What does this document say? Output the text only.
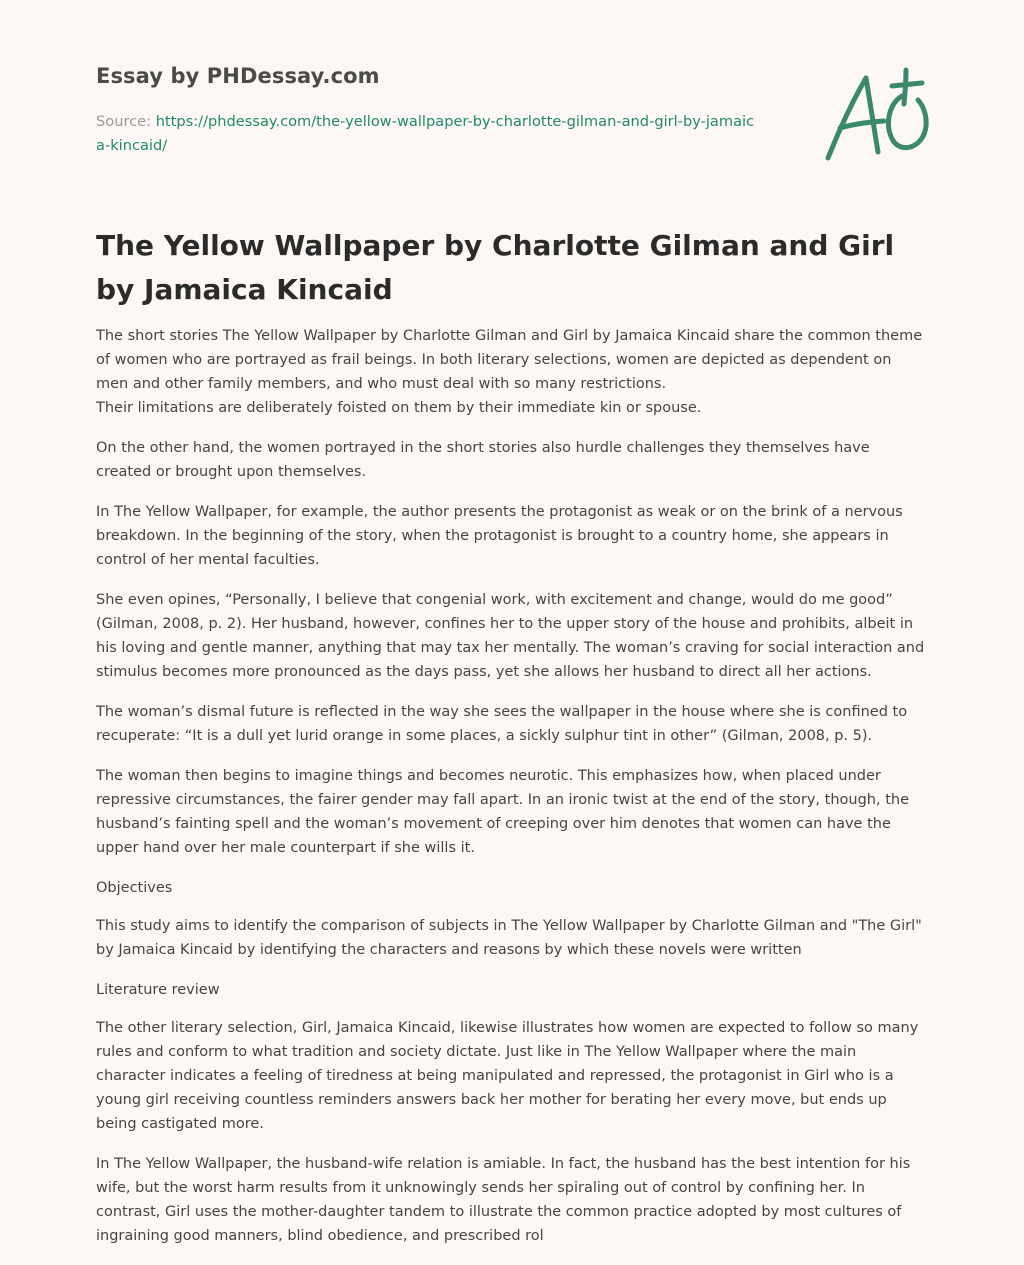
Essay by PHDessay.com
Source: https://phdessay.com/the-yellow-wallpaper-by-charlotte-gilman-and-girl-by-jamaica-kincaid/
The Yellow Wallpaper by Charlotte Gilman and Girl by Jamaica Kincaid

The short stories The Yellow Wallpaper by Charlotte Gilman and Girl by Jamaica Kincaid share the common theme of women who are portrayed as frail beings. In both literary selections, women are depicted as dependent on men and other family members, and who must deal with so many restrictions.
Their limitations are deliberately foisted on them by their immediate kin or spouse.

On the other hand, the women portrayed in the short stories also hurdle challenges they themselves have created or brought upon themselves.

In The Yellow Wallpaper, for example, the author presents the protagonist as weak or on the brink of a nervous breakdown. In the beginning of the story, when the protagonist is brought to a country home, she appears in control of her mental faculties.

She even opines, “Personally, I believe that congenial work, with excitement and change, would do me good” (Gilman, 2008, p. 2). Her husband, however, confines her to the upper story of the house and prohibits, albeit in his loving and gentle manner, anything that may tax her mentally. The woman’s craving for social interaction and stimulus becomes more pronounced as the days pass, yet she allows her husband to direct all her actions.

The woman’s dismal future is reflected in the way she sees the wallpaper in the house where she is confined to recuperate: “It is a dull yet lurid orange in some places, a sickly sulphur tint in other” (Gilman, 2008, p. 5).

The woman then begins to imagine things and becomes neurotic. This emphasizes how, when placed under repressive circumstances, the fairer gender may fall apart. In an ironic twist at the end of the story, though, the husband’s fainting spell and the woman’s movement of creeping over him denotes that women can have the upper hand over her male counterpart if she wills it.

Objectives

This study aims to identify the comparison of subjects in The Yellow Wallpaper by Charlotte Gilman and "The Girl" by Jamaica Kincaid by identifying the characters and reasons by which these novels were written

Literature review

The other literary selection, Girl, Jamaica Kincaid, likewise illustrates how women are expected to follow so many rules and conform to what tradition and society dictate. Just like in The Yellow Wallpaper where the main character indicates a feeling of tiredness at being manipulated and repressed, the protagonist in Girl who is a young girl receiving countless reminders answers back her mother for berating her every move, but ends up being castigated more.

In The Yellow Wallpaper, the husband-wife relation is amiable. In fact, the husband has the best intention for his wife, but the worst harm results from it unknowingly sends her spiraling out of control by confining her. In contrast, Girl uses the mother-daughter tandem to illustrate the common practice adopted by most cultures of ingraining good manners, blind obedience, and prescribed rol
